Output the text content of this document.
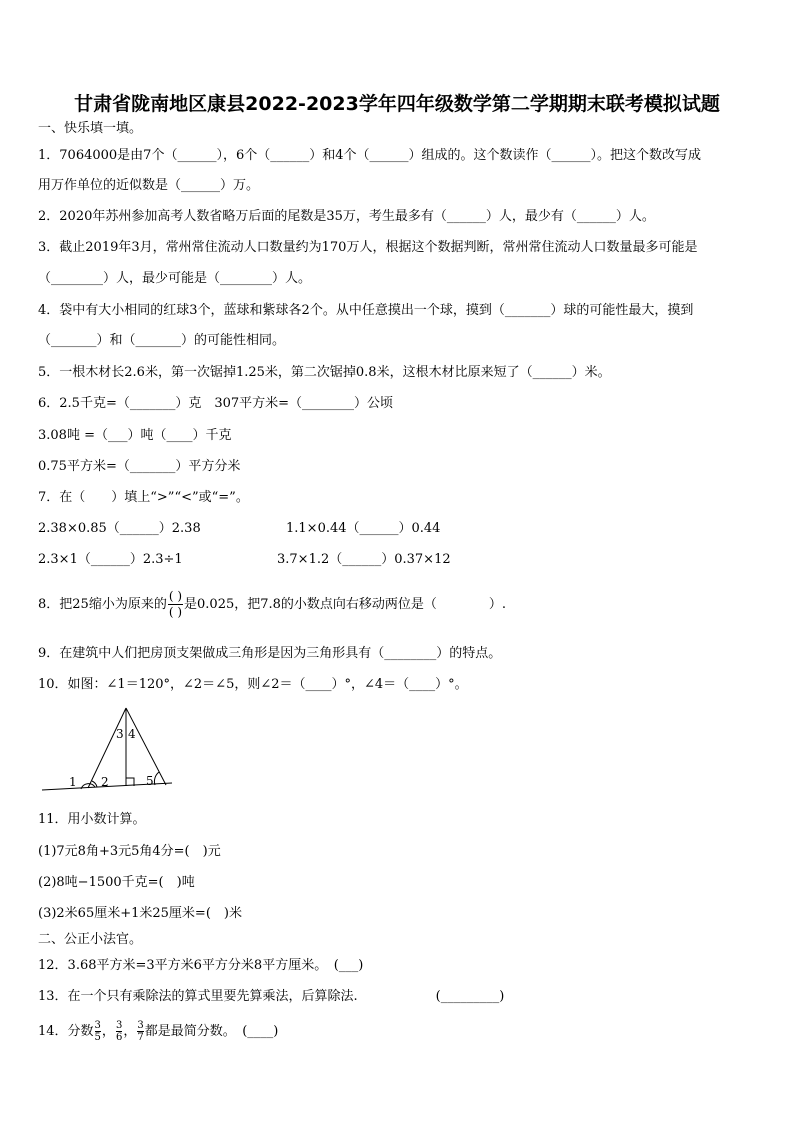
甘肃省陇南地区康县2022-2023学年四年级数学第二学期期末联考模拟试题
一、快乐填一填。
1．7064000是由7个（______），6个（______）和4个（______）组成的。这个数读作（______）。把这个数改写成
用万作单位的近似数是（______）万。
2．2020年苏州参加高考人数省略万后面的尾数是35万，考生最多有（______）人，最少有（______）人。
3．截止2019年3月，常州常住流动人口数量约为170万人，根据这个数据判断，常州常住流动人口数量最多可能是
（________）人，最少可能是（________）人。
4．袋中有大小相同的红球3个，蓝球和紫球各2个。从中任意摸出一个球，摸到（_______）球的可能性最大，摸到
（_______）和（_______）的可能性相同。
5．一根木材长2.6米，第一次锯掉1.25米，第二次锯掉0.8米，这根木材比原来短了（______）米。
6．2.5千克=（_______）克　307平方米=（________）公顷
3.08吨 =（___）吨（____）千克
0.75平方米=（_______）平方分米
7．在（　　）填上“>”“<”或“=”。
2.38×0.85（______）2.38	1.1×0.44（______）0.44
2.3×1（______）2.3÷1	3.7×1.2（______）0.37×12
8．把25缩小为原来的 $\frac{( )}{( )}$ 是0.025，把7.8的小数点向右移动两位是（　　　　）.
9．在建筑中人们把房顶支架做成三角形是因为三角形具有（________）的特点。
10．如图：∠1＝120°，∠2＝∠5，则∠2＝（____）°，∠4＝（____）°。
1 2
3 4
5
11．用小数计算。
(1)7元8角+3元5角4分=(　)元
(2)8吨−1500千克=(　)吨
(3)2米65厘米+1米25厘米=(　)米
二、公正小法官。
12．3.68平方米=3平方米6平方分米8平方厘米。　(___)
13．在一个只有乘除法的算式里要先算乘法，后算除法.　　　　　　(_________)
14．分数 $\frac{3}{5}$ ， $\frac{3}{6}$ ， $\frac{3}{7}$ 都是最简分数。　(____)
